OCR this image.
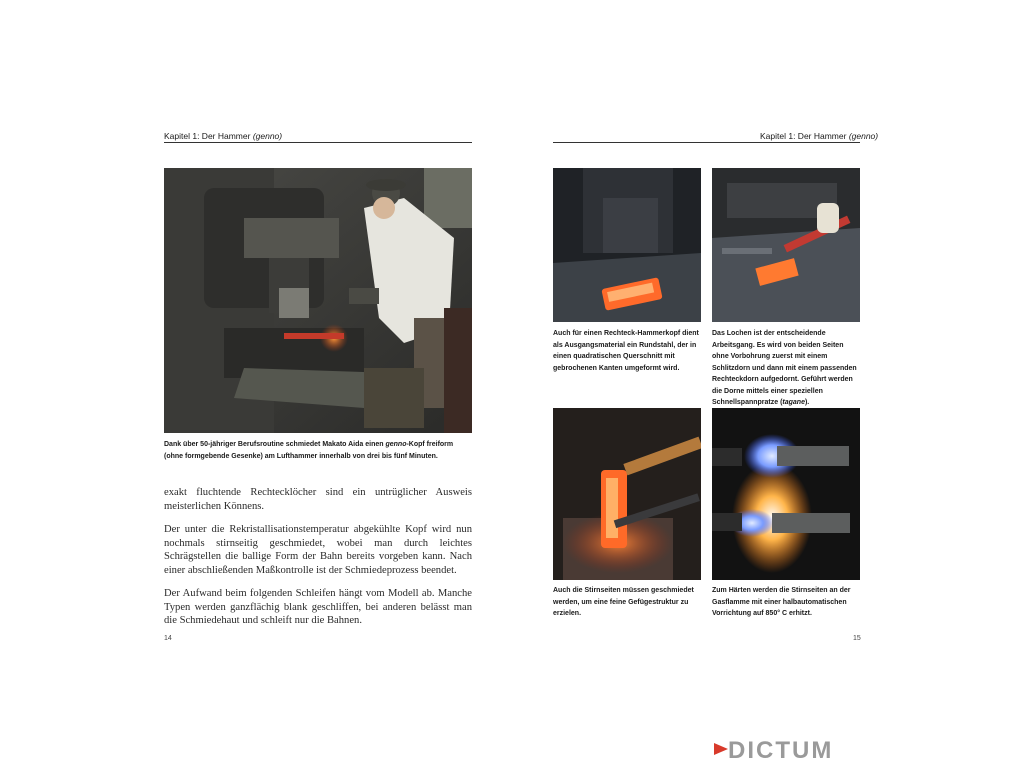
Kapitel 1: Der Hammer (genno)
Dank über 50-jähriger Berufsroutine schmiedet Makato Aida einen genno-Kopf freiform (ohne formgebende Gesenke) am Lufthammer innerhalb von drei bis fünf Minuten.

exakt fluchtende Rechtecklöcher sind ein untrüglicher Ausweis meisterlichen Könnens.

Der unter die Rekristallisationstemperatur abgekühlte Kopf wird nun nochmals stirnseitig geschmiedet, wobei man durch leichtes Schrägstellen die ballige Form der Bahn bereits vorgeben kann. Nach einer abschließenden Maßkontrolle ist der Schmiedeprozess beendet.

Der Aufwand beim folgenden Schleifen hängt vom Modell ab. Manche Typen werden ganzflächig blank geschliffen, bei anderen belässt man die Schmiedehaut und schleift nur die Bahnen.

14
Kapitel 1: Der Hammer (genno)
Auch für einen Rechteck-Hammerkopf dient als Ausgangsmaterial ein Rundstahl, der in einen quadratischen Querschnitt mit gebrochenen Kanten umgeformt wird.
Das Lochen ist der entscheidende Arbeitsgang. Es wird von beiden Seiten ohne Vorbohrung zuerst mit einem Schlitzdorn und dann mit einem passenden Rechteckdorn aufgedornt. Geführt werden die Dorne mittels einer speziellen Schnellspannpratze (tagane).
Auch die Stirnseiten müssen geschmiedet werden, um eine feine Gefügestruktur zu erzielen.
Zum Härten werden die Stirnseiten an der Gasflamme mit einer halbautomatischen Vorrichtung auf 850° C erhitzt.
15
DICTUM
